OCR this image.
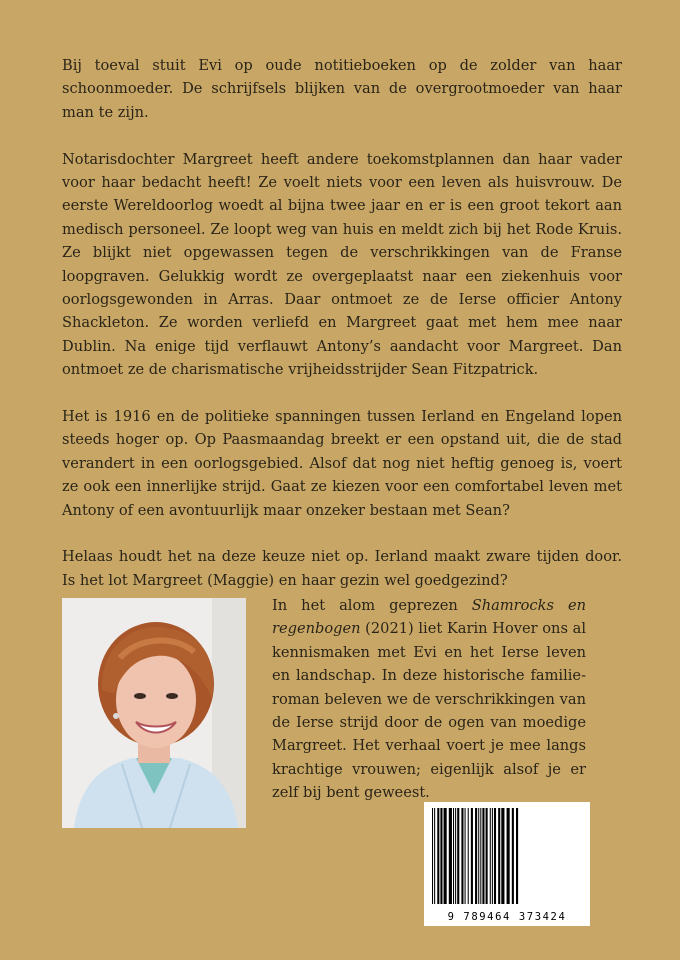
Bij toeval stuit Evi op oude notitieboeken op de zolder van haar schoonmoeder. De schrijfsels blijken van de overgrootmoeder van haar man te zijn.

Notarisdochter Margreet heeft andere toekomstplannen dan haar vader voor haar bedacht heeft! Ze voelt niets voor een leven als huisvrouw. De eerste Wereldoorlog woedt al bijna twee jaar en er is een groot tekort aan medisch personeel. Ze loopt weg van huis en meldt zich bij het Rode Kruis. Ze blijkt niet opgewassen tegen de verschrikkingen van de Franse loopgraven. Gelukkig wordt ze overgeplaatst naar een ziekenhuis voor oorlogsgewonden in Arras. Daar ontmoet ze de Ierse officier Antony Shackleton. Ze worden verliefd en Margreet gaat met hem mee naar Dublin. Na enige tijd verflauwt Antony’s aandacht voor Margreet. Dan ontmoet ze de charismatische vrijheidsstrijder Sean Fitzpatrick.

Het is 1916 en de politieke spanningen tussen Ierland en Engeland lopen steeds hoger op. Op Paasmaandag breekt er een opstand uit, die de stad verandert in een oorlogsgebied. Alsof dat nog niet heftig genoeg is, voert ze ook een innerlijke strijd. Gaat ze kiezen voor een comfortabel leven met Antony of een avontuurlijk maar onzeker bestaan met Sean?

Helaas houdt het na deze keuze niet op. Ierland maakt zware tijden door. Is het lot Margreet (Maggie) en haar gezin wel goedgezind?

In het alom geprezen Shamrocks en regenbogen (2021) liet Karin Hover ons al kennismaken met Evi en het Ierse leven en landschap. In deze historische familie-roman beleven we de verschrikkingen van de Ierse strijd door de ogen van moedige Margreet. Het verhaal voert je mee langs krachtige vrouwen; eigenlijk alsof je er zelf bij bent geweest.

9 789464 373424
